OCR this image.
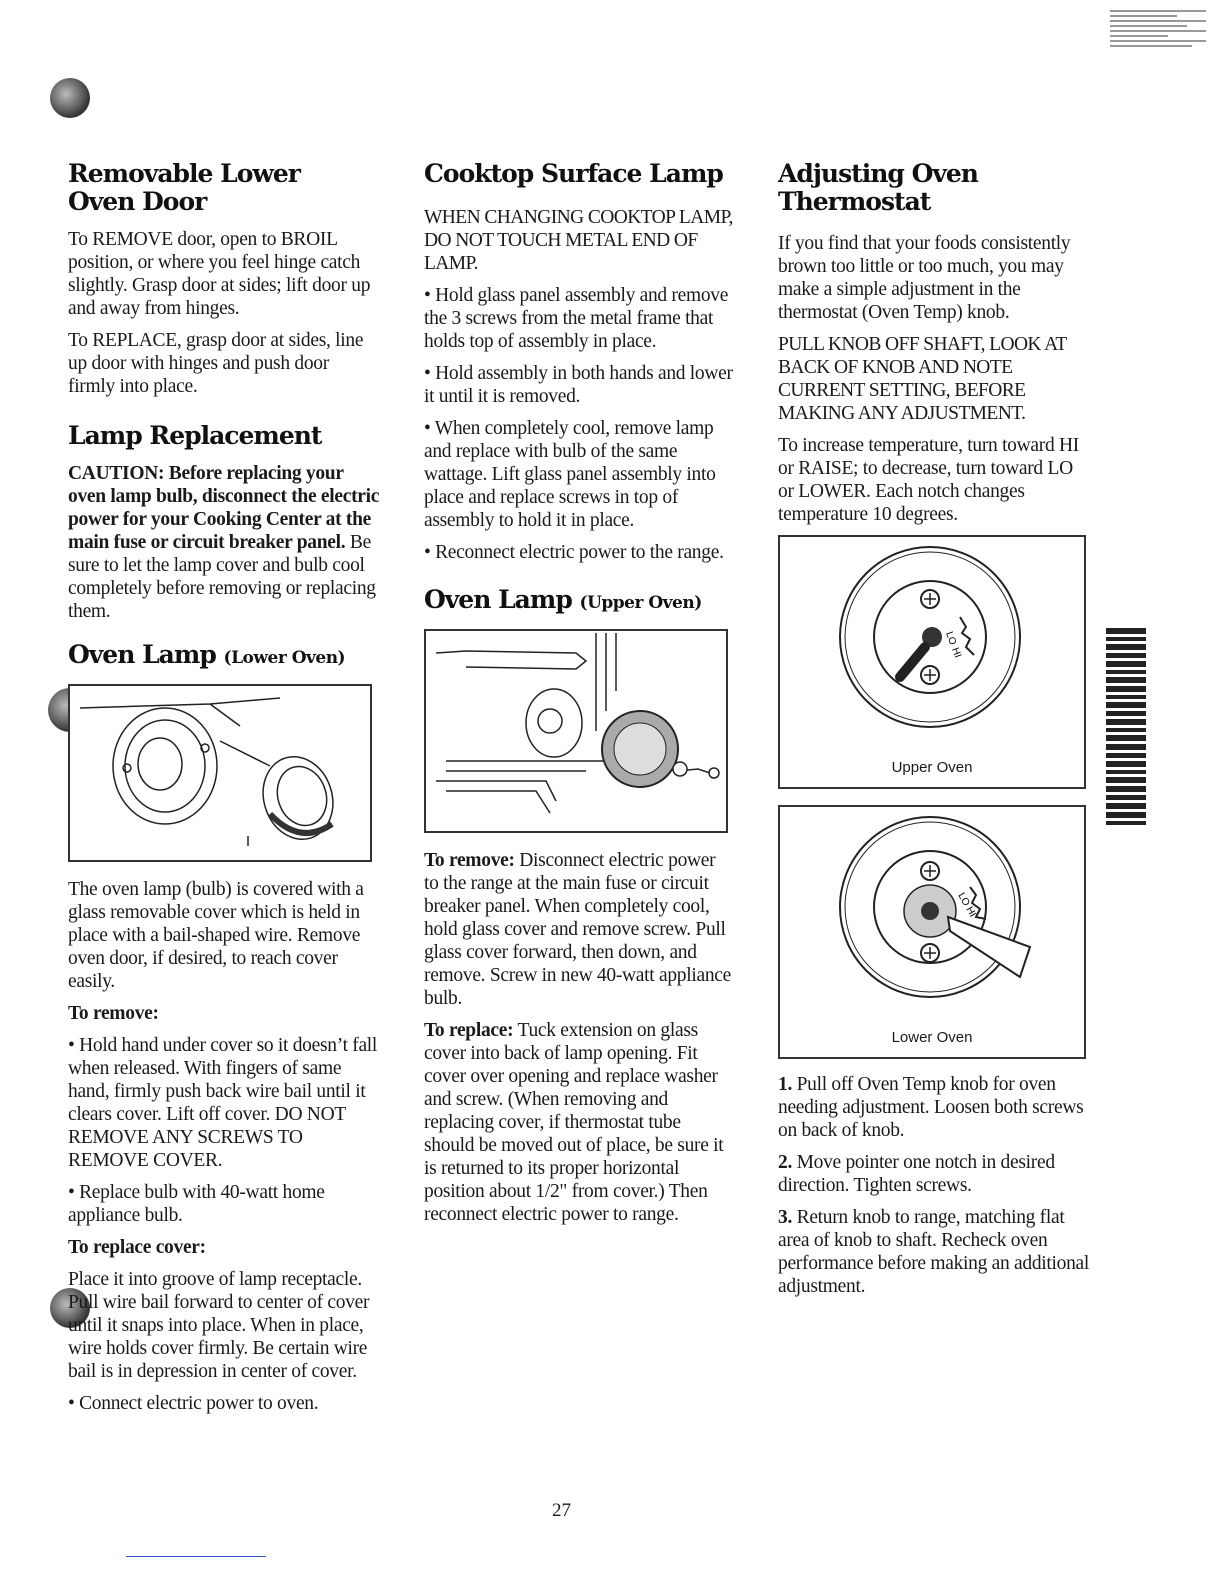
Removable Lower
Oven Door

To REMOVE door, open to BROIL position, or where you feel hinge catch slightly. Grasp door at sides; lift door up and away from hinges.

To REPLACE, grasp door at sides, line up door with hinges and push door firmly into place.

Lamp Replacement

CAUTION: Before replacing your oven lamp bulb, disconnect the electric power for your Cooking Center at the main fuse or circuit breaker panel. Be sure to let the lamp cover and bulb cool completely before removing or replacing them.

Oven Lamp (Lower Oven)

The oven lamp (bulb) is covered with a glass removable cover which is held in place with a bail-shaped wire. Remove oven door, if desired, to reach cover easily.

To remove:

• Hold hand under cover so it doesn’t fall when released. With fingers of same hand, firmly push back wire bail until it clears cover. Lift off cover. DO NOT REMOVE ANY SCREWS TO REMOVE COVER.

• Replace bulb with 40-watt home appliance bulb.

To replace cover:

Place it into groove of lamp receptacle. Pull wire bail forward to center of cover until it snaps into place. When in place, wire holds cover firmly. Be certain wire bail is in depression in center of cover.

• Connect electric power to oven.

Cooktop Surface Lamp

WHEN CHANGING COOKTOP LAMP, DO NOT TOUCH METAL END OF LAMP.

• Hold glass panel assembly and remove the 3 screws from the metal frame that holds top of assembly in place.

• Hold assembly in both hands and lower it until it is removed.

• When completely cool, remove lamp and replace with bulb of the same wattage. Lift glass panel assembly into place and replace screws in top of assembly to hold it in place.

• Reconnect electric power to the range.

Oven Lamp (Upper Oven)

To remove: Disconnect electric power to the range at the main fuse or circuit breaker panel. When completely cool, hold glass cover and remove screw. Pull glass cover forward, then down, and remove. Screw in new 40-watt appliance bulb.

To replace: Tuck extension on glass cover into back of lamp opening. Fit cover over opening and replace washer and screw. (When removing and replacing cover, if thermostat tube should be moved out of place, be sure it is returned to its proper horizontal position about 1/2" from cover.) Then reconnect electric power to range.

Adjusting Oven
Thermostat

If you find that your foods consistently brown too little or too much, you may make a simple adjustment in the thermostat (Oven Temp) knob.

PULL KNOB OFF SHAFT, LOOK AT BACK OF KNOB AND NOTE CURRENT SETTING, BEFORE MAKING ANY ADJUSTMENT.

To increase temperature, turn toward HI or RAISE; to decrease, turn toward LO or LOWER. Each notch changes temperature 10 degrees.

LO
HI
Upper Oven
LO
HI
Lower Oven

1. Pull off Oven Temp knob for oven needing adjustment. Loosen both screws on back of knob.

2. Move pointer one notch in desired direction. Tighten screws.

3. Return knob to range, matching flat area of knob to shaft. Recheck oven performance before making an additional adjustment.

27
